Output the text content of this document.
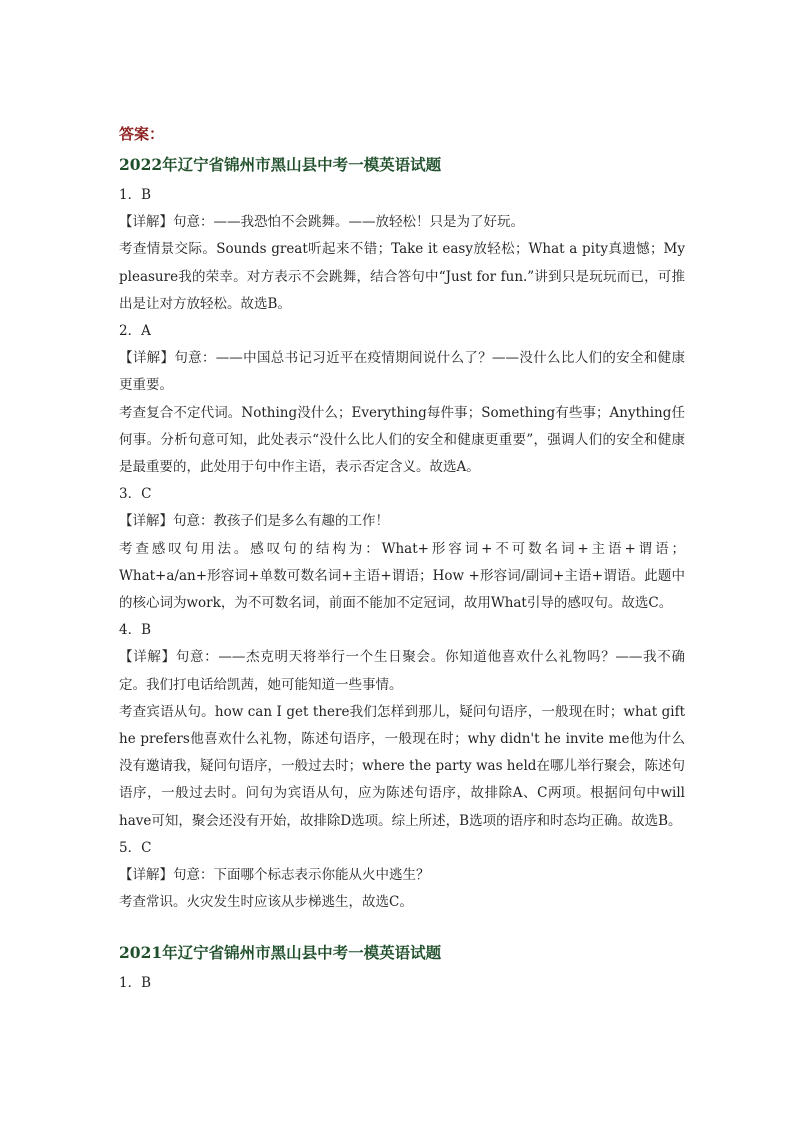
答案：

2022年辽宁省锦州市黑山县中考一模英语试题

1．B

【详解】句意：——我恐怕不会跳舞。——放轻松！只是为了好玩。

考查情景交际。Sounds great听起来不错；Take it easy放轻松；What a pity真遗憾；My pleasure我的荣幸。对方表示不会跳舞，结合答句中“Just for fun.”讲到只是玩玩而已，可推出是让对方放轻松。故选B。

2．A

【详解】句意：——中国总书记习近平在疫情期间说什么了？——没什么比人们的安全和健康更重要。

考查复合不定代词。Nothing没什么；Everything每件事；Something有些事；Anything任何事。分析句意可知，此处表示“没什么比人们的安全和健康更重要”，强调人们的安全和健康是最重要的，此处用于句中作主语，表示否定含义。故选A。

3．C

【详解】句意：教孩子们是多么有趣的工作！

考查感叹句用法。感叹句的结构为：What+形容词+不可数名词+主语+谓语；What+a/an+形容词+单数可数名词+主语+谓语；How +形容词/副词+主语+谓语。此题中的核心词为work，为不可数名词，前面不能加不定冠词，故用What引导的感叹句。故选C。

4．B

【详解】句意：——杰克明天将举行一个生日聚会。你知道他喜欢什么礼物吗？——我不确定。我们打电话给凯茜，她可能知道一些事情。

考查宾语从句。how can I get there我们怎样到那儿，疑问句语序，一般现在时；what gift he prefers他喜欢什么礼物，陈述句语序，一般现在时；why didn't he invite me他为什么没有邀请我，疑问句语序，一般过去时；where the party was held在哪儿举行聚会，陈述句语序，一般过去时。问句为宾语从句，应为陈述句语序，故排除A、C两项。根据问句中will have可知，聚会还没有开始，故排除D选项。综上所述，B选项的语序和时态均正确。故选B。

5．C

【详解】句意：下面哪个标志表示你能从火中逃生？

考查常识。火灾发生时应该从步梯逃生，故选C。

2021年辽宁省锦州市黑山县中考一模英语试题

1．B
